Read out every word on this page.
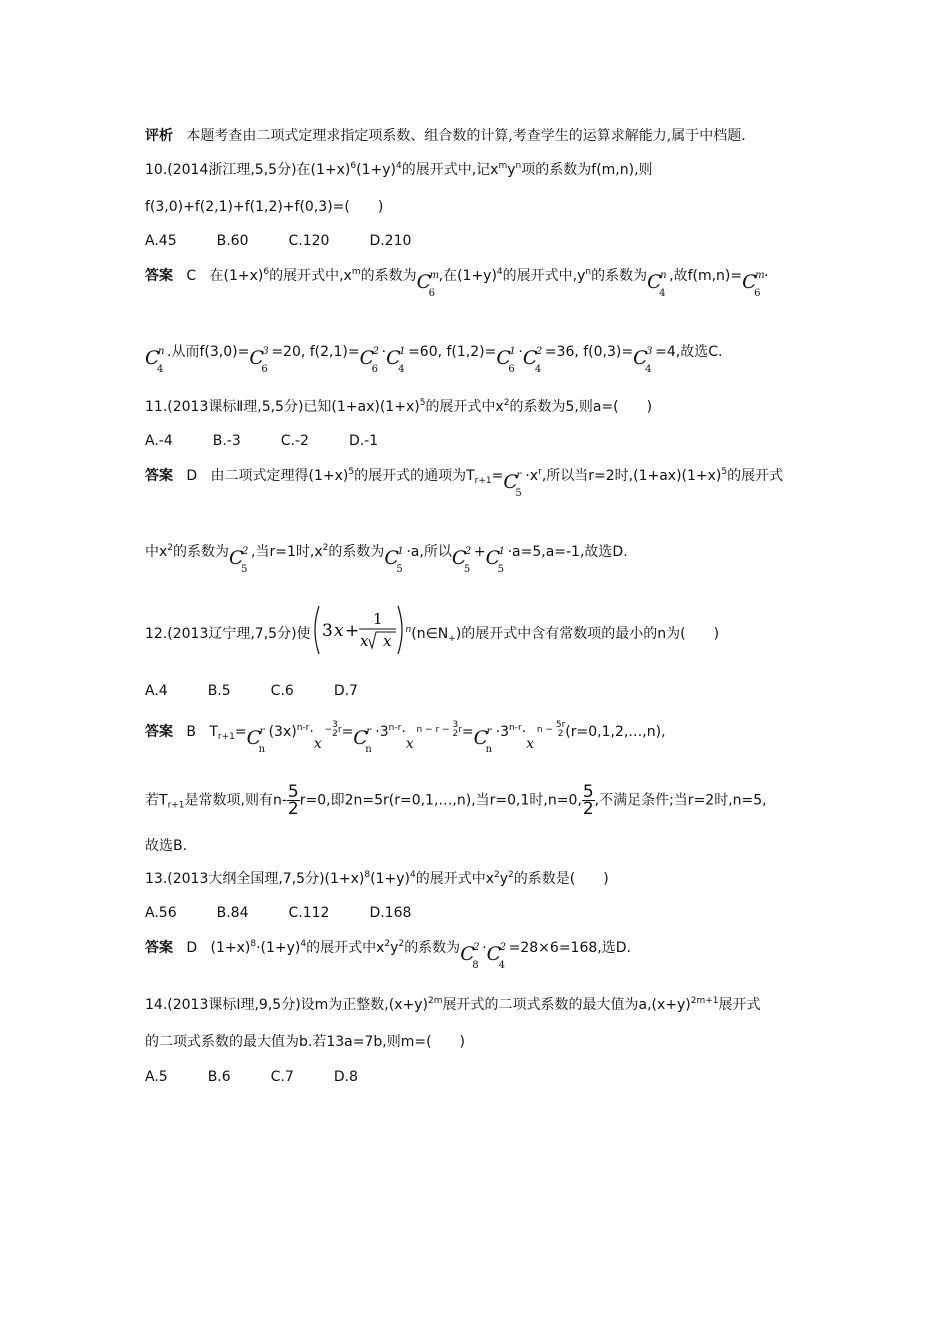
评析 本题考查由二项式定理求指定项系数、组合数的计算,考查学生的运算求解能力,属于中档题.
10.(2014浙江理,5,5分)在$(1+x)^6(1+y)^4$的展开式中,记$x^my^n$项的系数为f(m,n),则
f(3,0)+f(2,1)+f(1,2)+f(0,3)=(　　)
A.45	B.60	C.120	D.210
答案 C 在$(1+x)^6$的展开式中$,x^m$的系数为C
m
6
,在$(1+y)^4$的展开式中$,y^n$的系数为C
n
4
,故f(m,n)=C
m
6
·
C
n
4
.从而f(3,0)=C
3
6
=20, f(2,1)=C
2
6
·C
1
4
=60, f(1,2)=C
1
6
·C
2
4
=36, f(0,3)=C
3
4
=4,故选C.
11.(2013课标Ⅱ理,5,5分)已知$(1+ax)(1+x)^5$的展开式中$x^2$的系数为5,则a=(　　)
A.-4	B.-3	C.-2	D.-1
答案 D 由二项式定理得$(1+x)^5$的展开式的通项为$T_{r+1}=C$
r
5
$\cdot x^r$,所以当r=2时$,(1+ax)(1+x)^5$的展开式
中$x^2$的系数为C
2
5
,当r=1时$,x^2$的系数为C
1
5
·a,所以C
2
5
+C
1
5
·a=5,a=-1,故选D.
12.(2013辽宁理,7,5分)使 3 x +
1
x x
$^n(n\in N_+)$的展开式中含有常数项的最小的n为(　　)
A.4	B.5	C.6	D.7
答案 B   $T_{r+1}=C$
r
n
$(3x)^{n-r}\cdot x$ $^{-3 2r}$=C
r
n
$\cdot 3^{n-r}\cdot x$ $^{n - r - 3 2r}$=C
r
n
$\cdot 3^{n-r}\cdot x$ $^{n - 5r 2}$ (r=0,1,2,…,n),
若$T_{r+1}$是常数项,则有$n- \frac{5}{2} r=0$,即2n=5r(r=0,1,…,n),当r=0,1时,n=0, $\frac{5}{2}$ ,不满足条件;当r=2时,n=5,
故选B.
13.(2013大纲全国理,7,5分)$(1+x)^8(1+y)^4$的展开式中$x^2y^2$的系数是(　　)
A.56	B.84	C.112	D.168
答案 D $(1+x)^8\cdot(1+y)^4$的展开式中$x^2y^2$的系数为C
2
8
·C
2
4
=28×6=168,选D.
14.(2013课标Ⅰ理,9,5分)设m为正整数$,(x+y)^{2m}$展开式的二项式系数的最大值为$a,(x+y)^{2m+1}$展开式
的二项式系数的最大值为b.若13a=7b,则m=(　　)
A.5	B.6	C.7	D.8
